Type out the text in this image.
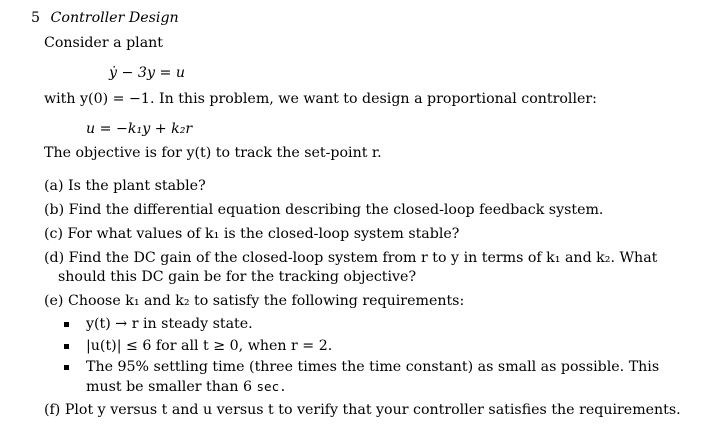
5 Controller Design
Consider a plant
ẏ − 3y = u
with y(0) = −1. In this problem, we want to design a proportional controller:
u = −k₁y + k₂r
The objective is for y(t) to track the set-point r.
(a) Is the plant stable?
(b) Find the differential equation describing the closed-loop feedback system.
(c) For what values of k₁ is the closed-loop system stable?
(d) Find the DC gain of the closed-loop system from r to y in terms of k₁ and k₂. What
should this DC gain be for the tracking objective?
(e) Choose k₁ and k₂ to satisfy the following requirements:
y(t) → r in steady state.
|u(t)| ≤ 6 for all t ≥ 0, when r = 2.
The 95% settling time (three times the time constant) as small as possible. This
must be smaller than 6 sec.
(f) Plot y versus t and u versus t to verify that your controller satisfies the requirements.
